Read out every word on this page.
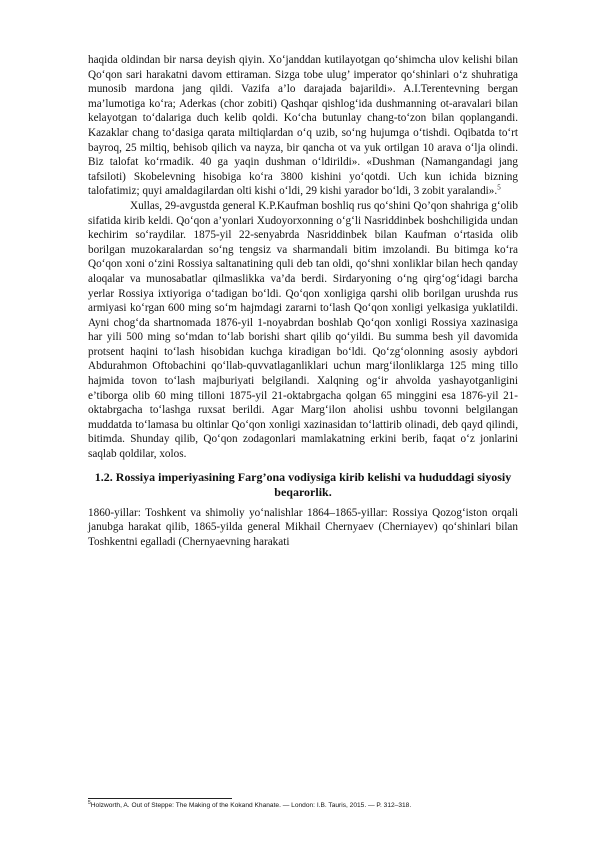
haqida oldindan bir narsa deyish qiyin. Xo‘janddan kutilayotgan qo‘shimcha ulov kelishi bilan Qo‘qon sari harakatni davom ettiraman. Sizga tobe ulug’ imperator qo‘shinlari o‘z shuhratiga munosib mardona jang qildi. Vazifa a’lo darajada bajarildi». A.I.Terentevning bergan ma’lumotiga ko‘ra; Aderkas (chor zobiti) Qashqar qishlog‘ida dushmanning ot-aravalari bilan kelayotgan to‘dalariga duch kelib qoldi. Ko‘cha butunlay chang-to‘zon bilan qoplangandi. Kazaklar chang to‘dasiga qarata miltiqlardan o‘q uzib, so‘ng hujumga o‘tishdi. Oqibatda to‘rt bayroq, 25 miltiq, behisob qilich va nayza, bir qancha ot va yuk ortilgan 10 arava o‘lja olindi. Biz talofat ko‘rmadik. 40 ga yaqin dushman o‘ldirildi». «Dushman (Namangandagi jang tafsiloti) Skobelevning hisobiga ko‘ra 3800 kishini yo‘qotdi. Uch kun ichida bizning talofatimiz; quyi amaldagilardan olti kishi o‘ldi, 29 kishi yarador bo‘ldi, 3 zobit yaralandi».$^5$

Xullas, 29-avgustda general K.P.Kaufman boshliq rus qo‘shini Qo’qon shahriga g‘olib sifatida kirib keldi. Qo‘qon a’yonlari Xudoyorxonning o‘g‘li Nasriddinbek boshchiligida undan kechirim so‘raydilar. 1875-yil 22-senyabrda Nasriddinbek bilan Kaufman o‘rtasida olib borilgan muzokaralardan so‘ng tengsiz va sharmandali bitim imzolandi. Bu bitimga ko‘ra Qo‘qon xoni o‘zini Rossiya saltanatining quli deb tan oldi, qo‘shni xonliklar bilan hech qanday aloqalar va munosabatlar qilmaslikka va’da berdi. Sirdaryoning o‘ng qirg‘og‘idagi barcha yerlar Rossiya ixtiyoriga o‘tadigan bo‘ldi. Qo‘qon xonligiga qarshi olib borilgan urushda rus armiyasi ko‘rgan 600 ming so‘m hajmdagi zararni to‘lash Qo‘qon xonligi yelkasiga yuklatildi. Ayni chog‘da shartnomada 1876-yil 1-noyabrdan boshlab Qo‘qon xonligi Rossiya xazinasiga har yili 500 ming so‘mdan to‘lab borishi shart qilib qo‘yildi. Bu summa besh yil davomida protsent haqini to‘lash hisobidan kuchga kiradigan bo‘ldi. Qo‘zg‘olonning asosiy aybdori Abdurahmon Oftobachini qo‘llab-quvvatlaganliklari uchun marg‘ilonliklarga 125 ming tillo hajmida tovon to‘lash majburiyati belgilandi. Xalqning og‘ir ahvolda yashayotganligini e’tiborga olib 60 ming tilloni 1875-yil 21-oktabrgacha qolgan 65 minggini esa 1876-yil 21-oktabrgacha to‘lashga ruxsat berildi. Agar Marg‘ilon aholisi ushbu tovonni belgilangan muddatda to‘lamasa bu oltinlar Qo‘qon xonligi xazinasidan to‘lattirib olinadi, deb qayd qilindi, bitimda. Shunday qilib, Qo‘qon zodagonlari mamlakatning erkini berib, faqat o‘z jonlarini saqlab qoldilar, xolos.

1.2. Rossiya imperiyasining Farg’ona vodiysiga kirib kelishi va hududdagi siyosiy beqarorlik.

1860-yillar: Toshkent va shimoliy yo‘nalishlar 1864–1865-yillar: Rossiya Qozog‘iston orqali janubga harakat qilib, 1865-yilda general Mikhail Chernyaev (Cherniayev) qo‘shinlari bilan Toshkentni egalladi (Chernyaevning harakati

$^5$Holzworth, A. Out of Steppe: The Making of the Kokand Khanate. — London: I.B. Tauris, 2015. — P. 312–318.
